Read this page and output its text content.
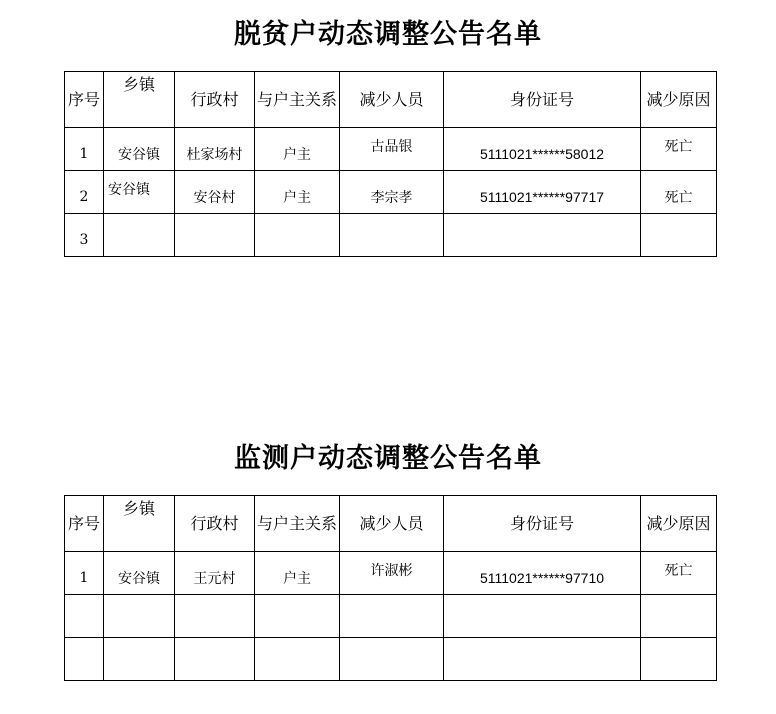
脱贫户动态调整公告名单
序号	乡镇	行政村	与户主关系	减少人员	身份证号	减少原因
1	安谷镇	杜家场村	户主	古品银	5111021******58012	死亡
2	安谷镇	安谷村	户主	李宗孝	5111021******97717	死亡
3						
监测户动态调整公告名单
序号	乡镇	行政村	与户主关系	减少人员	身份证号	减少原因
1	安谷镇	王元村	户主	许淑彬	5111021******97710	死亡
